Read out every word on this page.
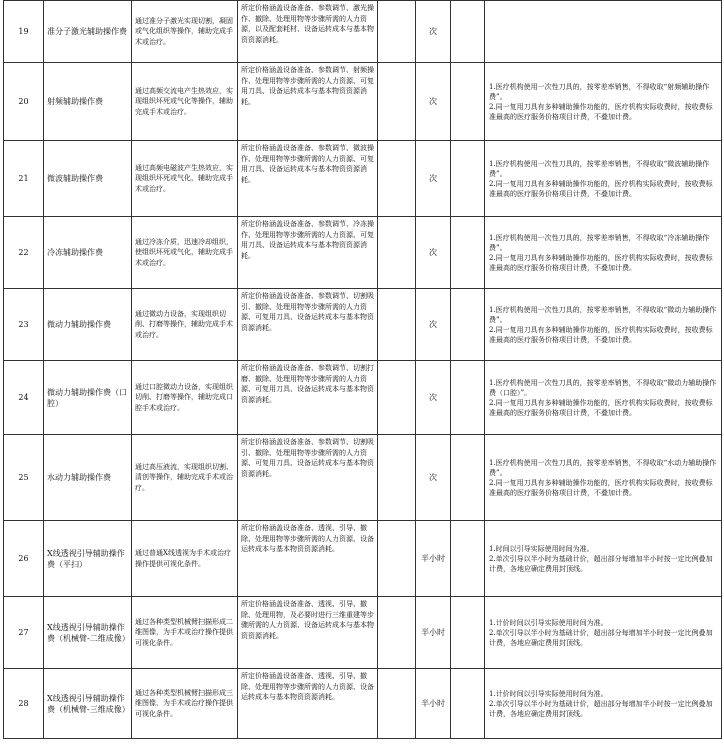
19	准分子激光辅助操作费	通过准分子激光实现切割，凝固或气化组织等操作，辅助完成手术或治疗。	所定价格涵盖设备准备、参数调节、激光操作、撤除、处理用物等步骤所需的人力资源，以及配套耗材、设备运转成本与基本物资资源消耗。		次		
20	射频辅助操作费	通过高频交流电产生热效应，实现组织坏死或气化等操作，辅助完成手术或治疗。	所定价格涵盖设备准备、参数调节、射频操作、处理用物等步骤所需的人力资源、可复用刀具、设备运转成本与基本物资资源消耗。		次		1.医疗机构使用一次性刀具的，按零差率销售，不得收取“射频辅助操作费”。
2.同一复用刀具有多种辅助操作功能的，医疗机构实际收费时，按收费标准最高的医疗服务价格项目计费，不叠加计费。

21	微波辅助操作费	通过高频电磁波产生热效应，实现组织坏死或气化，辅助完成手术或治疗。	所定价格涵盖设备准备、参数调节、微波操作、处理用物等步骤所需的人力资源、可复用刀具、设备运转成本与基本物资资源消耗。		次		1.医疗机构使用一次性刀具的，按零差率销售，不得收取“微波辅助操作费”。
2.同一复用刀具有多种辅助操作功能的，医疗机构实际收费时，按收费标准最高的医疗服务价格项目计费，不叠加计费。

22	冷冻辅助操作费	通过冷冻介质，迅速冷却组织，使组织坏死或气化，辅助完成手术或治疗。	所定价格涵盖设备准备、参数调节、冷冻操作、处理用物等步骤所需的人力资源、可复用刀具、设备运转成本与基本物资资源消耗。		次		1.医疗机构使用一次性刀具的，按零差率销售，不得收取“冷冻辅助操作费”。
2.同一复用刀具有多种辅助操作功能的，医疗机构实际收费时，按收费标准最高的医疗服务价格项目计费，不叠加计费。

23	微动力辅助操作费	通过微动力设备，实现组织切削、打磨等操作，辅助完成手术或治疗。	所定价格涵盖设备准备、参数调节、切割吸引、撤除、处理用物等步骤所需的人力资源、可复用刀具、设备运转成本与基本物资资源消耗。		次		1.医疗机构使用一次性刀具的，按零差率销售，不得收取“微动力辅助操作费”。
2.同一复用刀具有多种辅助操作功能的，医疗机构实际收费时，按收费标准最高的医疗服务价格项目计费，不叠加计费。

24	微动力辅助操作费（口腔）	通过口腔微动力设备，实现组织切削、打磨等操作，辅助完成口腔手术或治疗。	所定价格涵盖设备准备、参数调节、切割打磨、撤除、处理用物等步骤所需的人力资源、可复用刀具、设备运转成本与基本物资资源消耗。		次		1.医疗机构使用一次性刀具的，按零差率销售，不得收取“微动力辅助操作费（口腔）”。
2.同一复用刀具有多种辅助操作功能的，医疗机构实际收费时，按收费标准最高的医疗服务价格项目计费，不叠加计费。

25	水动力辅助操作费	通过高压液流，实现组织切割、清创等操作，辅助完成手术或治疗。	所定价格涵盖设备准备、参数调节、切割吸引、撤除、处理用物等步骤所需的人力资源、可复用刀具、设备运转成本与基本物资资源消耗。		次		1.医疗机构使用一次性刀具的，按零差率销售，不得收取“水动力辅助操作费”。
2.同一复用刀具有多种辅助操作功能的，医疗机构实际收费时，按收费标准最高的医疗服务价格项目计费，不叠加计费。

26	X线透视引导辅助操作费（平扫）	通过普通X线透视为手术或治疗操作提供可视化条件。	所定价格涵盖设备准备、透视、引导、撤除、处理用物等步骤所需的人力资源、设备运转成本与基本物资资源消耗。		半小时		1.时间以引导实际使用时间为准。
2.单次引导以半小时为基础计价，超出部分每增加半小时按一定比例叠加计费，各地应确定费用封顶线。

27	X线透视引导辅助操作费（机械臂-二维成像）	通过各种类型机械臂扫描形成二维图像，为手术或治疗操作提供可视化条件。	所定价格涵盖设备准备、透视、引导、撤除、处理用物，及必要时进行三维重建等步骤所需的人力资源、设备运转成本与基本物资资源消耗。		半小时		1.计价时间以引导实际使用时间为准。
2.单次引导以半小时为基础计价，超出部分每增加半小时按一定比例叠加计费，各地应确定费用封顶线。

28	X线透视引导辅助操作费（机械臂-三维成像）	通过各种类型机械臂扫描形成三维图像，为手术或治疗操作提供可视化条件。	所定价格涵盖设备准备、透视、引导、撤除、处理用物等步骤所需的人力资源、设备运转成本与基本物资资源消耗。		半小时		1.计价时间以引导实际使用时间为准。
2.单次引导以半小时为基础计价，超出部分每增加半小时按一定比例叠加计费，各地应确定费用封顶线。
